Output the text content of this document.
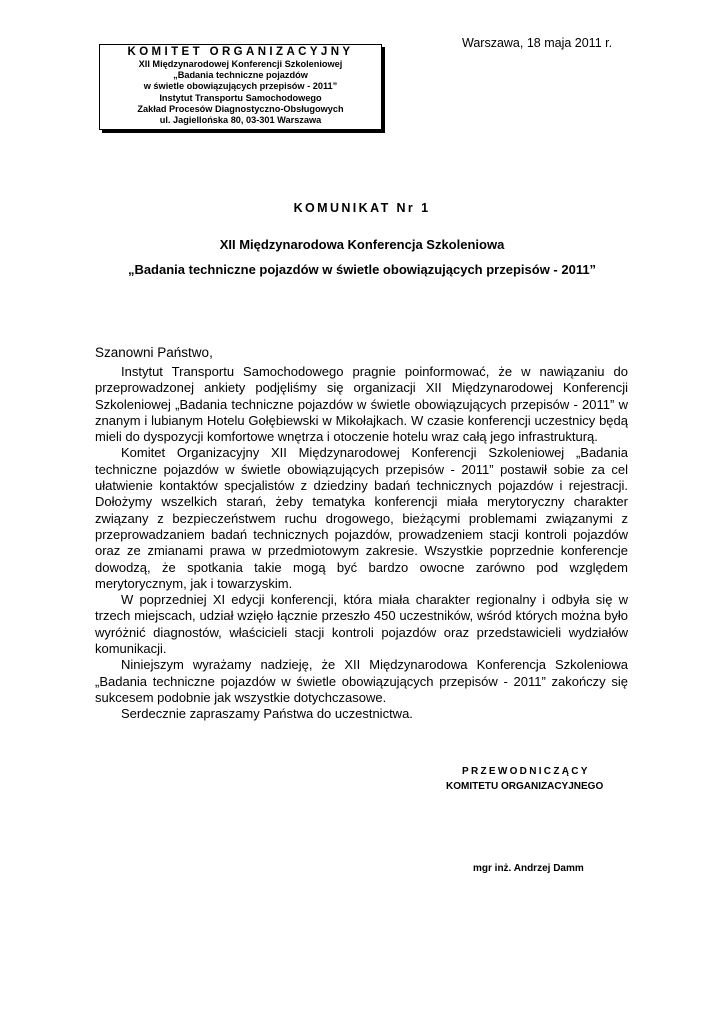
Warszawa, 18 maja 2011 r.
KOMITET ORGANIZACYJNY
XII Międzynarodowej Konferencji Szkoleniowej
„Badania techniczne pojazdów
w świetle obowiązujących przepisów - 2011”
Instytut Transportu Samochodowego
Zakład Procesów Diagnostyczno-Obsługowych
ul. Jagiellońska 80, 03-301 Warszawa
KOMUNIKAT Nr 1
XII Międzynarodowa Konferencja Szkoleniowa
„Badania techniczne pojazdów w świetle obowiązujących przepisów - 2011”
Szanowni Państwo,

Instytut Transportu Samochodowego pragnie poinformować, że w nawiązaniu do przeprowadzonej ankiety podjęliśmy się organizacji XII Międzynarodowej Konferencji Szkoleniowej „Badania techniczne pojazdów w świetle obowiązujących przepisów - 2011” w znanym i lubianym Hotelu Gołębiewski w Mikołajkach. W czasie konferencji uczestnicy będą mieli do dyspozycji komfortowe wnętrza i otoczenie hotelu wraz całą jego infrastrukturą.

Komitet Organizacyjny XII Międzynarodowej Konferencji Szkoleniowej „Badania techniczne pojazdów w świetle obowiązujących przepisów - 2011” postawił sobie za cel ułatwienie kontaktów specjalistów z dziedziny badań technicznych pojazdów i rejestracji. Dołożymy wszelkich starań, żeby tematyka konferencji miała merytoryczny charakter związany z bezpieczeństwem ruchu drogowego, bieżącymi problemami związanymi z przeprowadzaniem badań technicznych pojazdów, prowadzeniem stacji kontroli pojazdów oraz ze zmianami prawa w przedmiotowym zakresie. Wszystkie poprzednie konferencje dowodzą, że spotkania takie mogą być bardzo owocne zarówno pod względem merytorycznym, jak i towarzyskim.

W poprzedniej XI edycji konferencji, która miała charakter regionalny i odbyła się w trzech miejscach, udział wzięło łącznie przeszło 450 uczestników, wśród których można było wyróżnić diagnostów, właścicieli stacji kontroli pojazdów oraz przedstawicieli wydziałów komunikacji.

Niniejszym wyrażamy nadzieję, że XII Międzynarodowa Konferencja Szkoleniowa „Badania techniczne pojazdów w świetle obowiązujących przepisów - 2011” zakończy się sukcesem podobnie jak wszystkie dotychczasowe.

Serdecznie zapraszamy Państwa do uczestnictwa.

PRZEWODNICZĄCY
KOMITETU ORGANIZACYJNEGO
mgr inż. Andrzej Damm
